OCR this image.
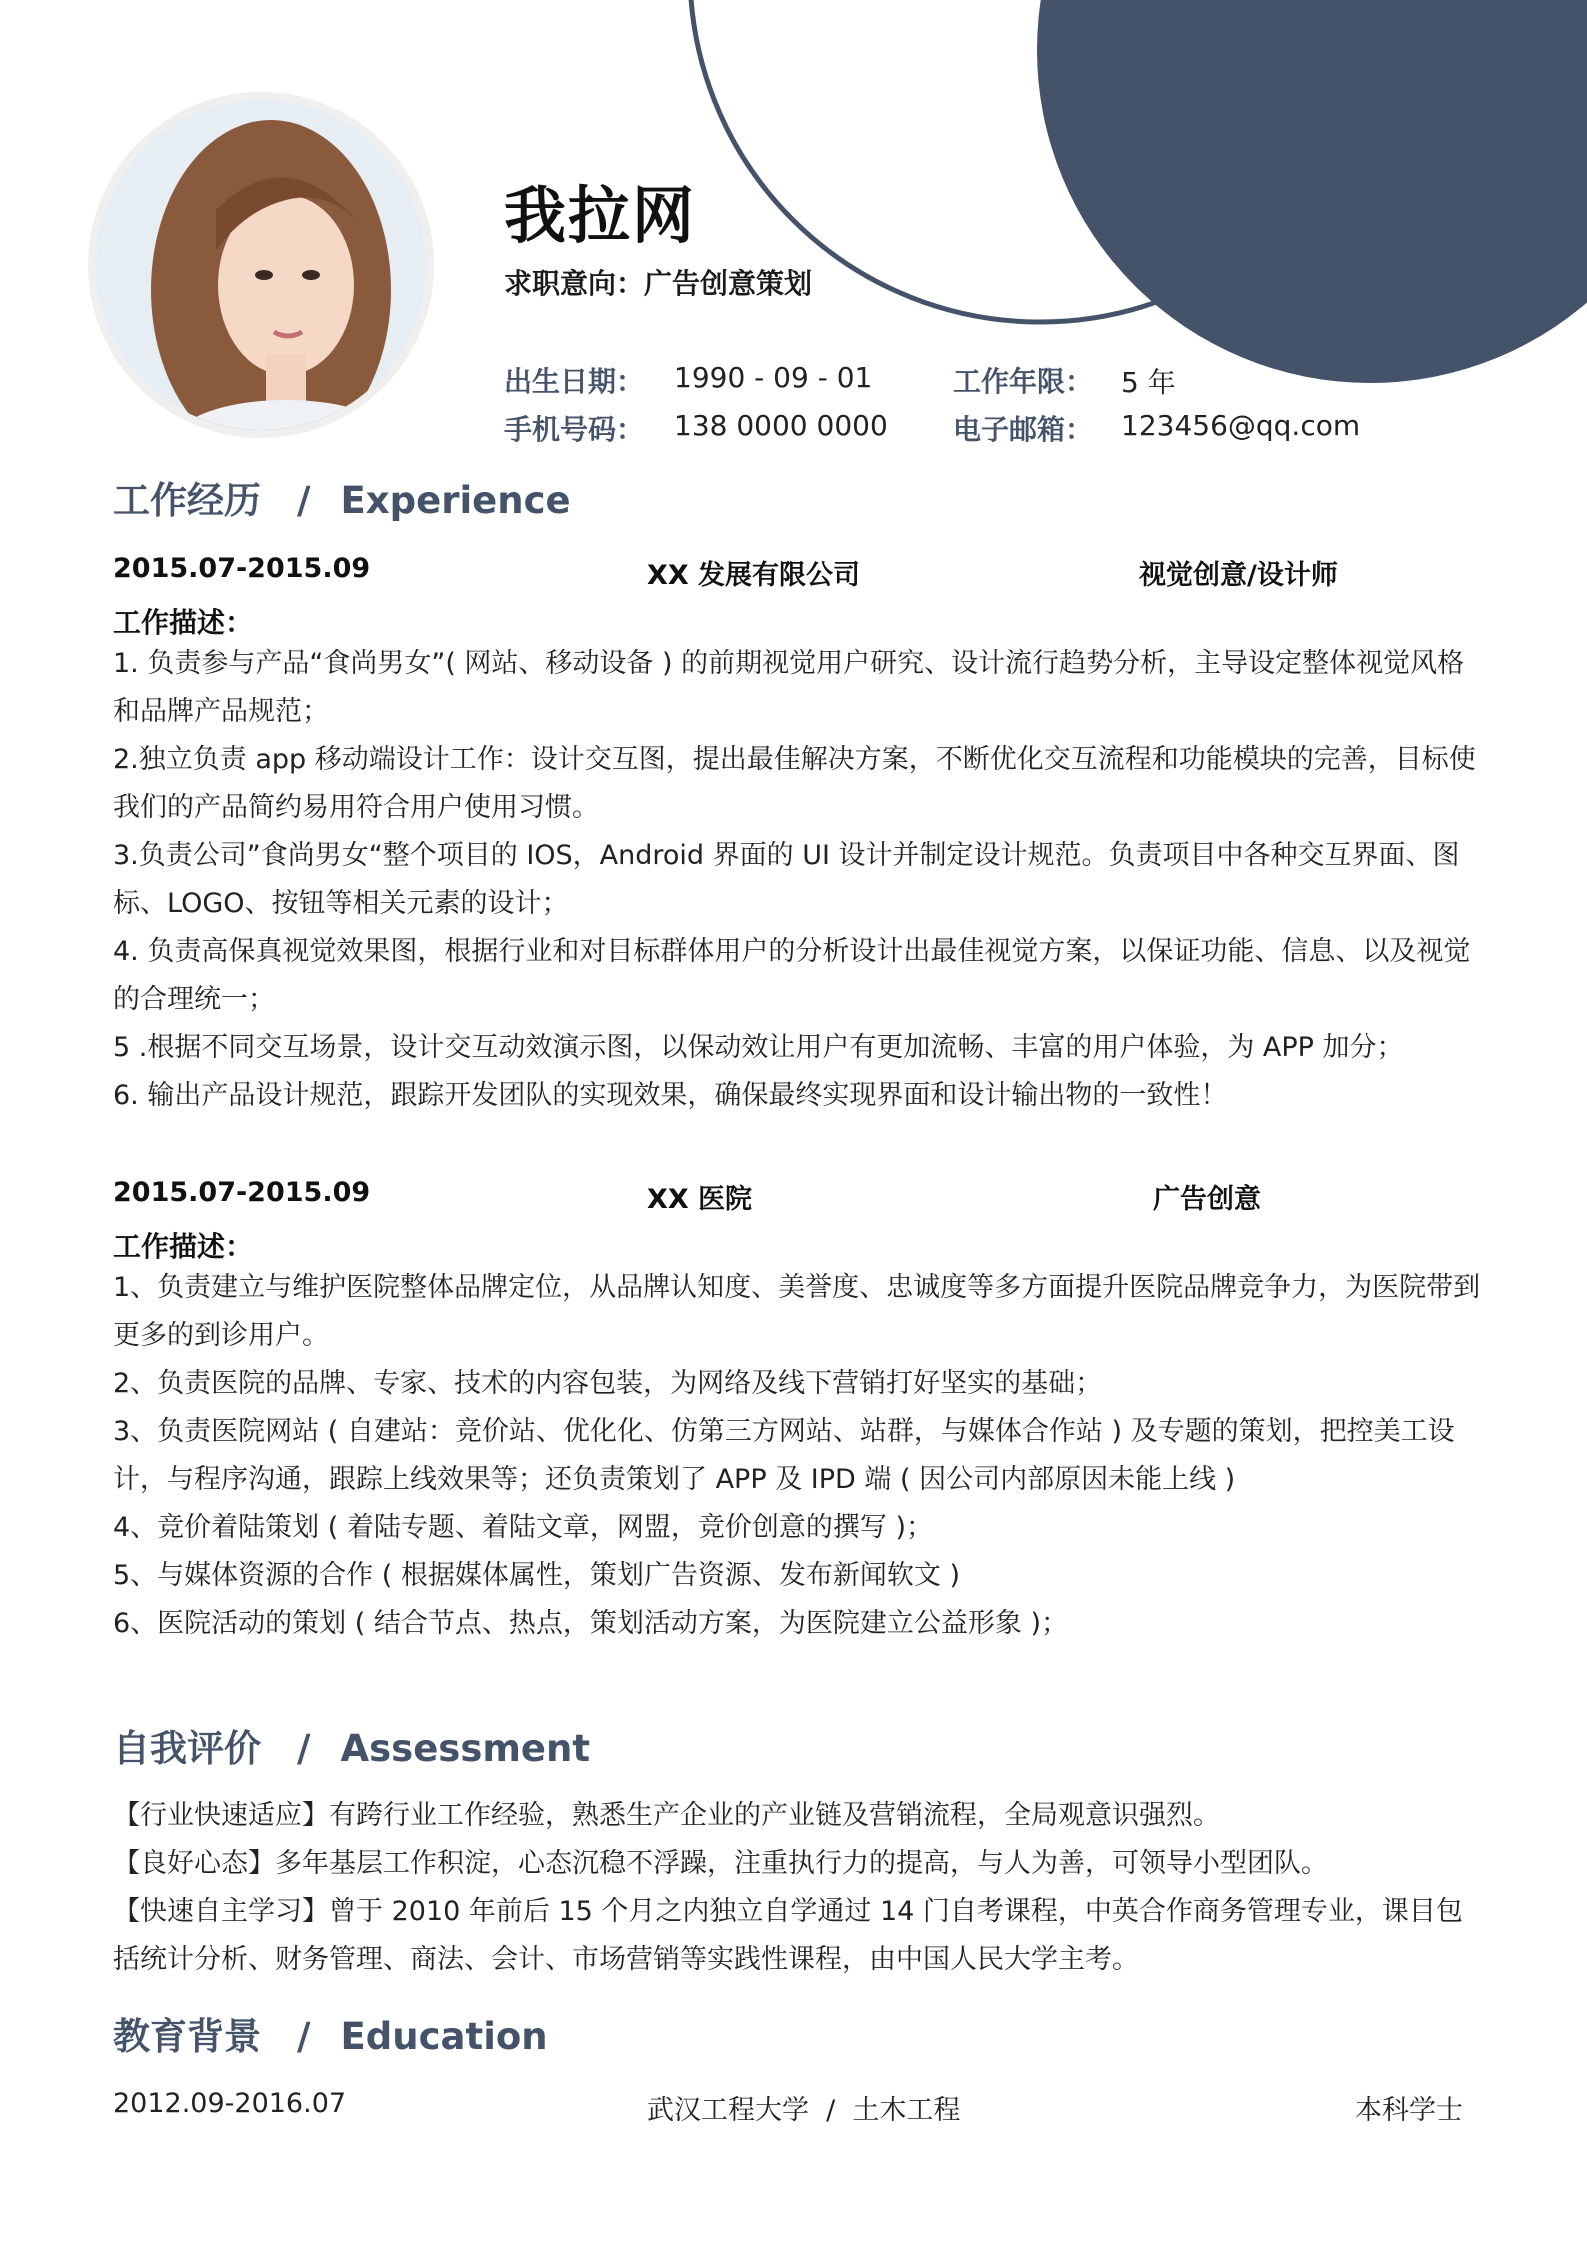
我拉网
求职意向：广告创意策划
出生日期： 1990 - 09 - 01	工作年限： 5 年
手机号码： 138 0000 0000 电子邮箱： 123456@qq.com
工作经历 / Experience
2015.07-2015.09	XX 发展有限公司	视觉创意/设计师
工作描述：
1. 负责参与产品“食尚男女”( 网站、移动设备 ) 的前期视觉用户研究、设计流行趋势分析，主导设定整体视觉风格和品牌产品规范；
2.独立负责 app 移动端设计工作：设计交互图，提出最佳解决方案，不断优化交互流程和功能模块的完善，目标使我们的产品简约易用符合用户使用习惯。
3.负责公司”食尚男女“整个项目的 IOS，Android 界面的 UI 设计并制定设计规范。负责项目中各种交互界面、图标、LOGO、按钮等相关元素的设计；
4. 负责高保真视觉效果图，根据行业和对目标群体用户的分析设计出最佳视觉方案，以保证功能、信息、以及视觉的合理统一；
5 .根据不同交互场景，设计交互动效演示图，以保动效让用户有更加流畅、丰富的用户体验，为 APP 加分；
6. 输出产品设计规范，跟踪开发团队的实现效果，确保最终实现界面和设计输出物的一致性！
2015.07-2015.09	XX 医院	广告创意
工作描述：
1、负责建立与维护医院整体品牌定位，从品牌认知度、美誉度、忠诚度等多方面提升医院品牌竞争力，为医院带到更多的到诊用户。
2、负责医院的品牌、专家、技术的内容包装，为网络及线下营销打好坚实的基础；
3、负责医院网站 ( 自建站：竞价站、优化化、仿第三方网站、站群，与媒体合作站 ) 及专题的策划，把控美工设计，与程序沟通，跟踪上线效果等；还负责策划了 APP 及 IPD 端 ( 因公司内部原因未能上线 )
4、竞价着陆策划 ( 着陆专题、着陆文章，网盟，竞价创意的撰写 )；
5、与媒体资源的合作 ( 根据媒体属性，策划广告资源、发布新闻软文 )
6、医院活动的策划 ( 结合节点、热点，策划活动方案，为医院建立公益形象 )；
自我评价 / Assessment
【行业快速适应】有跨行业工作经验，熟悉生产企业的产业链及营销流程，全局观意识强烈。
【良好心态】多年基层工作积淀，心态沉稳不浮躁，注重执行力的提高，与人为善，可领导小型团队。
【快速自主学习】曾于 2010 年前后 15 个月之内独立自学通过 14 门自考课程，中英合作商务管理专业，课目包括统计分析、财务管理、商法、会计、市场营销等实践性课程，由中国人民大学主考。
教育背景 / Education
2012.09-2016.07	武汉工程大学  /  土木工程	本科学士
